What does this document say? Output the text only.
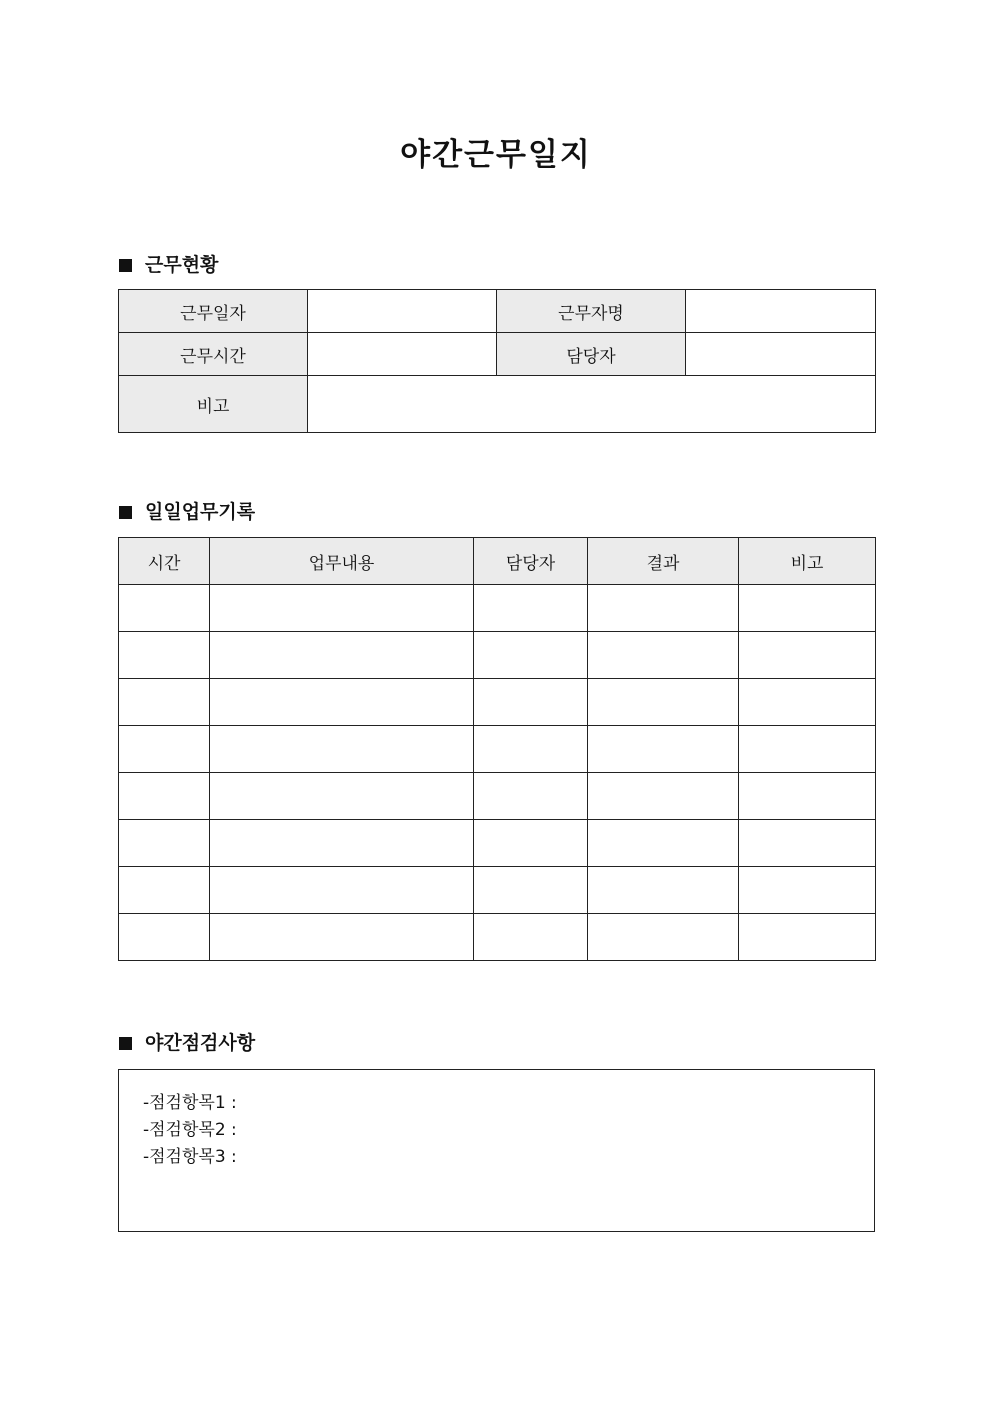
야간근무일지
근무현황
근무일자		근무자명	
근무시간		담당자	
비고			
일일업무기록
시간	업무내용	담당자	결과	비고

야간점검사항
-점검항목1 :
-점검항목2 :
-점검항목3 :
